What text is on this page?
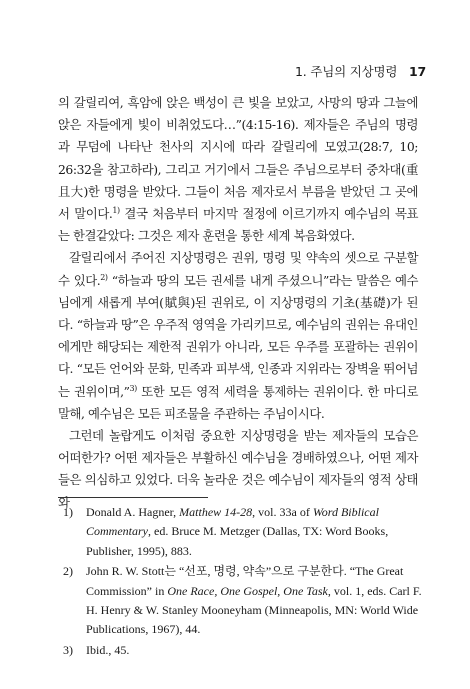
1. 주님의 지상명령 17

의 갈릴리여, 흑암에 앉은 백성이 큰 빛을 보았고, 사망의 땅과 그늘에 앉은 자들에게 빛이 비취었도다…”(4:15-16). 제자들은 주님의 명령과 무덤에 나타난 천사의 지시에 따라 갈릴리에 모였고(28:7, 10; 26:32을 참고하라), 그리고 거기에서 그들은 주님으로부터 중차대(重且大)한 명령을 받았다. 그들이 처음 제자로서 부름을 받았던 그 곳에서 말이다.$^{1)}$ 결국 처음부터 마지막 절정에 이르기까지 예수님의 목표는 한결같았다: 그것은 제자 훈련을 통한 세계 복음화였다.

갈릴리에서 주어진 지상명령은 권위, 명령 및 약속의 셋으로 구분할 수 있다.$^{2)}$ “하늘과 땅의 모든 권세를 내게 주셨으니”라는 말씀은 예수님에게 새롭게 부여(賦與)된 권위로, 이 지상명령의 기초(基礎)가 된다. “하늘과 땅”은 우주적 영역을 가리키므로, 예수님의 권위는 유대인에게만 해당되는 제한적 권위가 아니라, 모든 우주를 포괄하는 권위이다. “모든 언어와 문화, 민족과 피부색, 인종과 지위라는 장벽을 뛰어넘는 권위이며,”$^{3)}$ 또한 모든 영적 세력을 통제하는 권위이다. 한 마디로 말해, 예수님은 모든 피조물을 주관하는 주님이시다.

그런데 놀랍게도 이처럼 중요한 지상명령을 받는 제자들의 모습은 어떠한가? 어떤 제자들은 부활하신 예수님을 경배하였으나, 어떤 제자들은 의심하고 있었다. 더욱 놀라운 것은 예수님이 제자들의 영적 상태와

1) Donald A. Hagner, Matthew 14-28, vol. 33a of Word Biblical Commentary, ed. Bruce M. Metzger (Dallas, TX: Word Books, Publisher, 1995), 883.
2) John R. W. Stott는 “선포, 명령, 약속”으로 구분한다. “The Great Commission” in One Race, One Gospel, One Task, vol. 1, eds. Carl F. H. Henry & W. Stanley Mooneyham (Minneapolis, MN: World Wide Publications, 1967), 44.
3) Ibid., 45.
